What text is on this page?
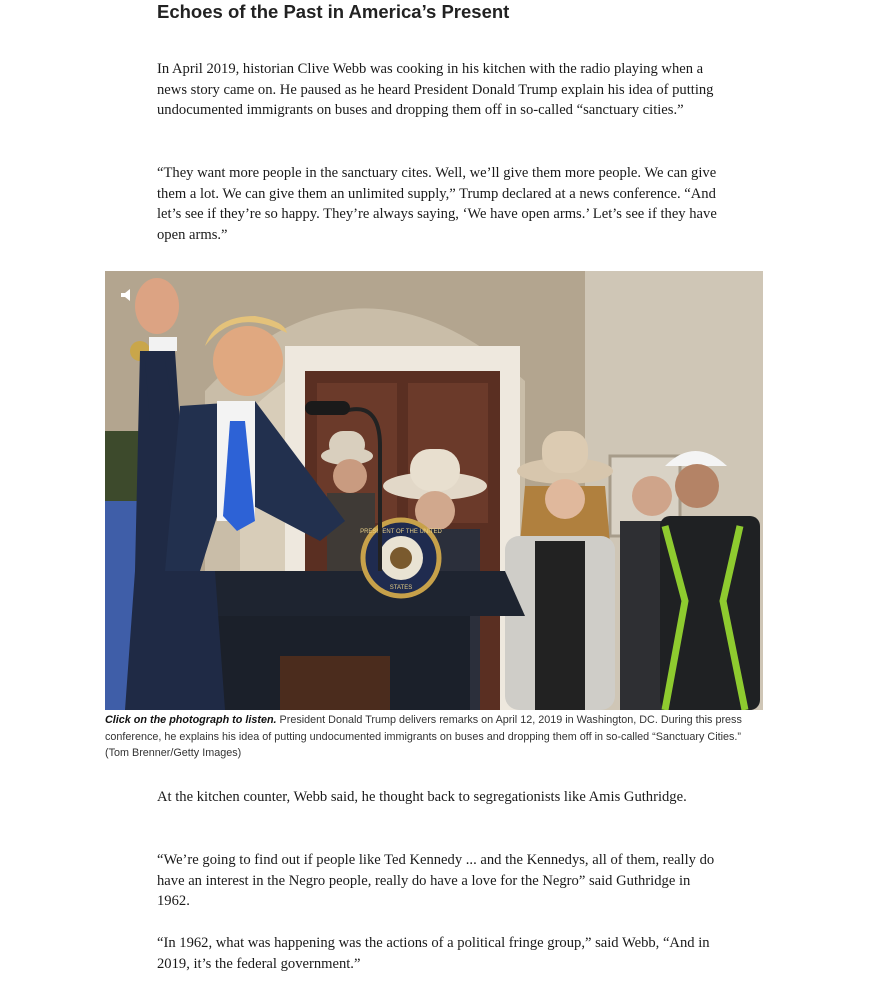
Echoes of the Past in America’s Present

In April 2019, historian Clive Webb was cooking in his kitchen with the radio playing when a news story came on. He paused as he heard President Donald Trump explain his idea of putting undocumented immigrants on buses and dropping them off in so-called “sanctuary cities.”

“They want more people in the sanctuary cites. Well, we’ll give them more people. We can give them a lot. We can give them an unlimited supply,” Trump declared at a news conference. “And let’s see if they’re so happy. They’re always saying, ‘We have open arms.’ Let’s see if they have open arms.”

PRESIDENT OF THE UNITED
STATES

Click on the photograph to listen. President Donald Trump delivers remarks on April 12, 2019 in Washington, DC. During this press conference, he explains his idea of putting undocumented immigrants on buses and dropping them off in so-called “Sanctuary Cities.” (Tom Brenner/Getty Images)

At the kitchen counter, Webb said, he thought back to segregationists like Amis Guthridge.

“We’re going to find out if people like Ted Kennedy ... and the Kennedys, all of them, really do have an interest in the Negro people, really do have a love for the Negro” said Guthridge in 1962.

“In 1962, what was happening was the actions of a political fringe group,” said Webb, “And in 2019, it’s the federal government.”
